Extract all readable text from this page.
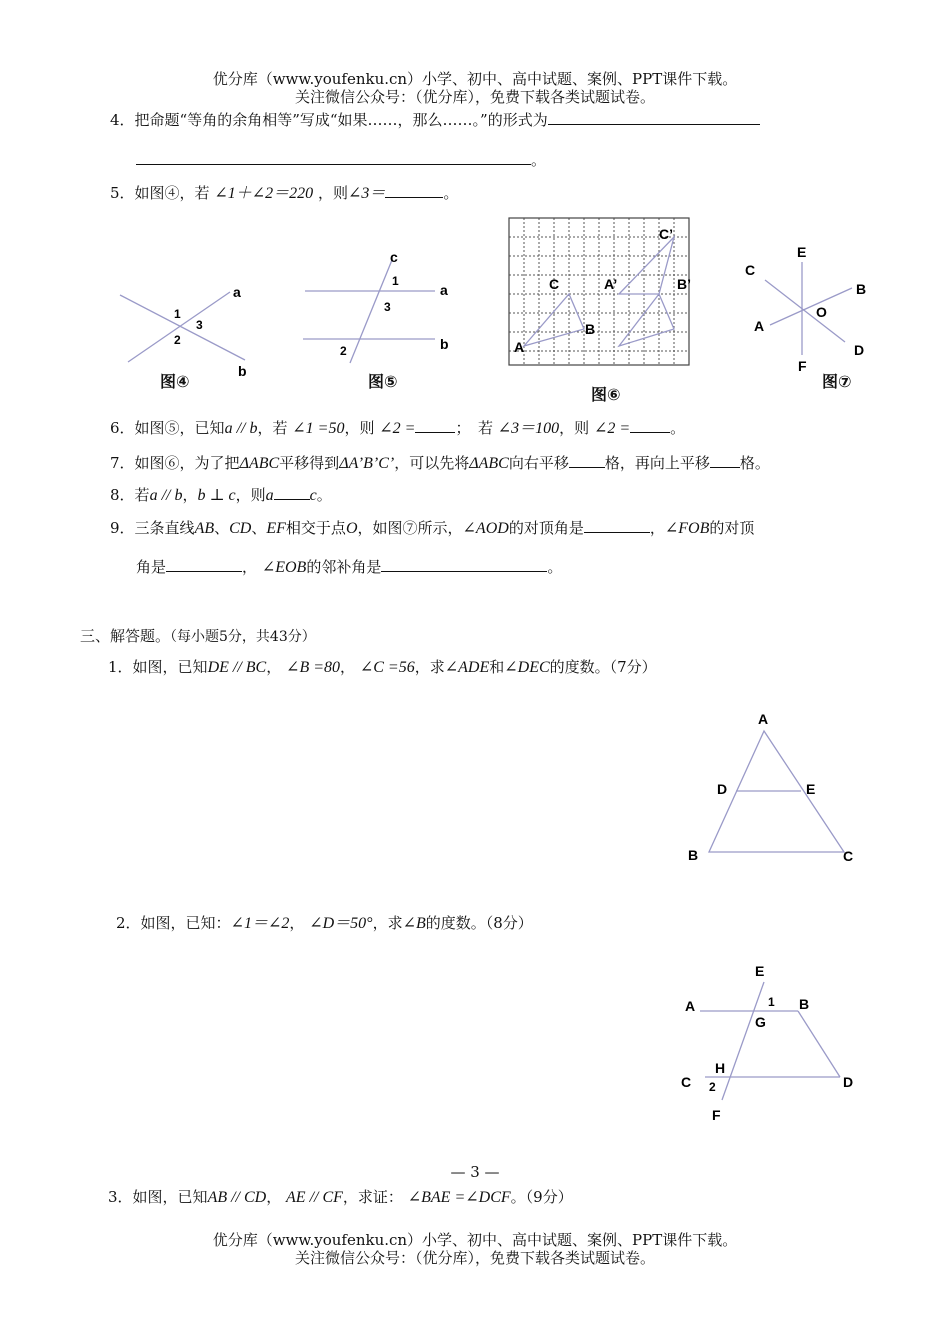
优分库（www.youfenku.cn）小学、初中、高中试题、案例、PPT课件下载。
关注微信公众号：（优分库），免费下载各类试题试卷。
4．把命题“等角的余角相等”写成“如果……，那么……。”的形式为
。
5．如图④，若 ∠1＋∠2＝220 ，则∠3＝	。
a
b
1
2
3
图④
c
a
b
1
3
2
图⑤
A
B
C	A’	B’
C’
图⑥
E
F
C
D
A
B
O
图⑦
6．如图⑤，已知a // b，若 ∠1 =50，则 ∠2 =	；　若 ∠3＝100，则 ∠2 =	。
7．如图⑥，为了把ΔABC平移得到ΔA’B’C’，可以先将ΔABC向右平移 格，再向上平移 格。
8．若a // b，b ⊥ c，则a c。
9．三条直线AB、CD、EF相交于点O，如图⑦所示，∠AOD的对顶角是	，∠FOB的对顶
角是	， ∠EOB的邻补角是	。
三、解答题。（每小题5分，共43分）
1．如图，已知DE // BC， ∠B =80， ∠C =56，求∠ADE和∠DEC的度数。（7分）
A
D	E
B	C
2．如图，已知：∠1＝∠2， ∠D＝50°，求∠B的度数。（8分）
E
A	B
1
G
H
C 2	D
F
— 3 —
3．如图，已知AB // CD， AE // CF，求证： ∠BAE =∠DCF。（9分）
优分库（www.youfenku.cn）小学、初中、高中试题、案例、PPT课件下载。
关注微信公众号：（优分库），免费下载各类试题试卷。
